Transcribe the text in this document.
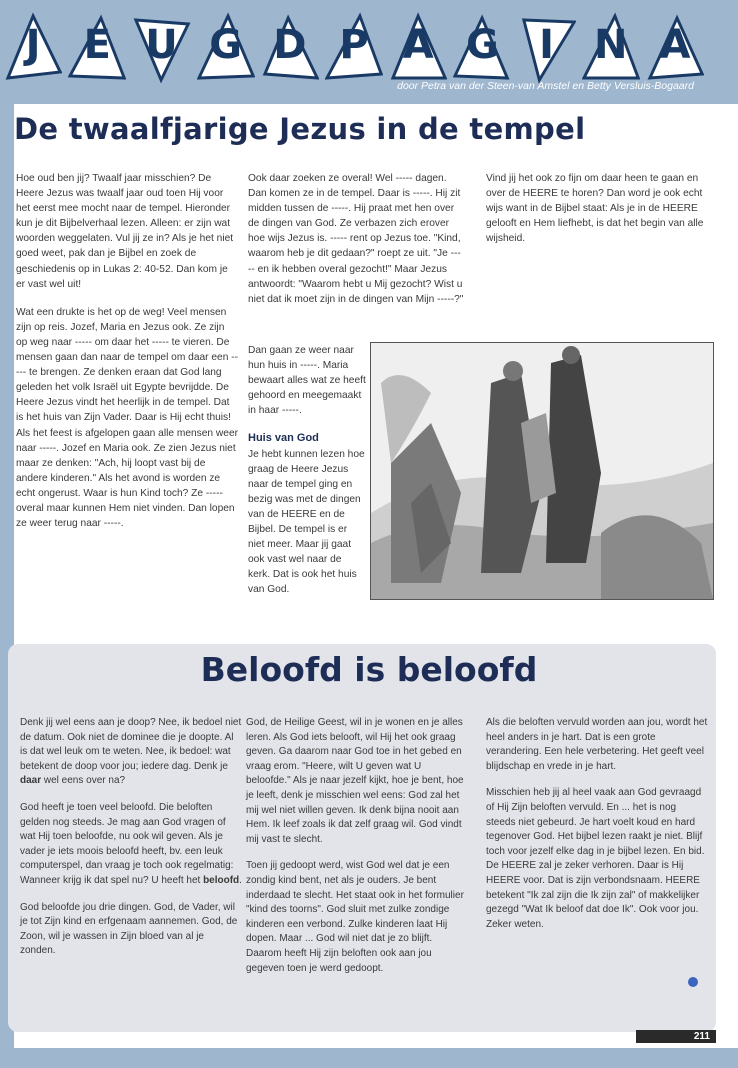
J	E U G D P A G	I	N A
door Petra van der Steen-van Amstel en Betty Versluis-Bogaard
De twaalfjarige Jezus in de tempel

Hoe oud ben jij? Twaalf jaar misschien? De Heere Jezus was twaalf jaar oud toen Hij voor het eerst mee mocht naar de tempel. Hieronder kun je dit Bijbelverhaal lezen. Alleen: er zijn wat woorden weggelaten. Vul jij ze in? Als je het niet goed weet, pak dan je Bijbel en zoek de geschiedenis op in Lukas 2: 40-52. Dan kom je er vast wel uit!

Wat een drukte is het op de weg! Veel mensen zijn op reis. Jozef, Maria en Jezus ook. Ze zijn op weg naar ----- om daar het ----- te vieren. De mensen gaan dan naar de tempel om daar een ----- te brengen. Ze denken eraan dat God lang geleden het volk Israël uit Egypte bevrijdde. De Heere Jezus vindt het heerlijk in de tempel. Dat is het huis van Zijn Vader. Daar is Hij echt thuis! Als het feest is afgelopen gaan alle mensen weer naar -----. Jozef en Maria ook. Ze zien Jezus niet maar ze denken: "Ach, hij loopt vast bij de andere kinderen." Als het avond is worden ze echt ongerust. Waar is hun Kind toch? Ze ----- overal maar kunnen Hem niet vinden. Dan lopen ze weer terug naar -----.

Ook daar zoeken ze overal! Wel ----- dagen. Dan komen ze in de tempel. Daar is -----. Hij zit midden tussen de -----. Hij praat met hen over de dingen van God. Ze verbazen zich erover hoe wijs Jezus is. ----- rent op Jezus toe. "Kind, waarom heb je dit gedaan?" roept ze uit. "Je ----- en ik hebben overal gezocht!" Maar Jezus antwoordt: "Waarom hebt u Mij gezocht? Wist u niet dat ik moet zijn in de dingen van Mijn -----?"

Dan gaan ze weer naar hun huis in -----. Maria bewaart alles wat ze heeft gehoord en meegemaakt in haar -----.

Huis van God

Je hebt kunnen lezen hoe graag de Heere Jezus naar de tempel ging en bezig was met de dingen van de HEERE en de Bijbel. De tempel is er niet meer. Maar jij gaat ook vast wel naar de kerk. Dat is ook het huis van God.

Vind jij het ook zo fijn om daar heen te gaan en over de HEERE te horen? Dan word je ook echt wijs want in de Bijbel staat: Als je in de HEERE gelooft en Hem liefhebt, is dat het begin van alle wijsheid.

Beloofd is beloofd

Denk jij wel eens aan je doop? Nee, ik bedoel niet de datum. Ook niet de dominee die je doopte. Al is dat wel leuk om te weten. Nee, ik bedoel: wat betekent de doop voor jou; iedere dag. Denk je daar wel eens over na?

God heeft je toen veel beloofd. Die beloften gelden nog steeds. Je mag aan God vragen of wat Hij toen beloofde, nu ook wil geven. Als je vader je iets moois beloofd heeft, bv. een leuk computerspel, dan vraag je toch ook regelmatig: Wanneer krijg ik dat spel nu? U heeft het beloofd.

God beloofde jou drie dingen. God, de Vader, wil je tot Zijn kind en erfgenaam aannemen. God, de Zoon, wil je wassen in Zijn bloed van al je zonden.

God, de Heilige Geest, wil in je wonen en je alles leren. Als God iets belooft, wil Hij het ook graag geven. Ga daarom naar God toe in het gebed en vraag erom. "Heere, wilt U geven wat U beloofde." Als je naar jezelf kijkt, hoe je bent, hoe je leeft, denk je misschien wel eens: God zal het mij wel niet willen geven. Ik denk bijna nooit aan Hem. Ik leef zoals ik dat zelf graag wil. God vindt mij vast te slecht.

Toen jij gedoopt werd, wist God wel dat je een zondig kind bent, net als je ouders. Je bent inderdaad te slecht. Het staat ook in het formulier "kind des toorns". God sluit met zulke zondige kinderen een verbond. Zulke kinderen laat Hij dopen. Maar ... God wil niet dat je zo blijft. Daarom heeft Hij zijn beloften ook aan jou gegeven toen je werd gedoopt.

Als die beloften vervuld worden aan jou, wordt het heel anders in je hart. Dat is een grote verandering. Een hele verbetering. Het geeft veel blijdschap en vrede in je hart.

Misschien heb jij al heel vaak aan God gevraagd of Hij Zijn beloften vervuld. En ... het is nog steeds niet gebeurd. Je hart voelt koud en hard tegenover God. Het bijbel lezen raakt je niet. Blijf toch voor jezelf elke dag in je bijbel lezen. En bid. De HEERE zal je zeker verhoren. Daar is Hij HEERE voor. Dat is zijn verbondsnaam. HEERE betekent "Ik zal zijn die Ik zijn zal" of makkelijker gezegd "Wat Ik beloof dat doe Ik". Ook voor jou. Zeker weten.

211
